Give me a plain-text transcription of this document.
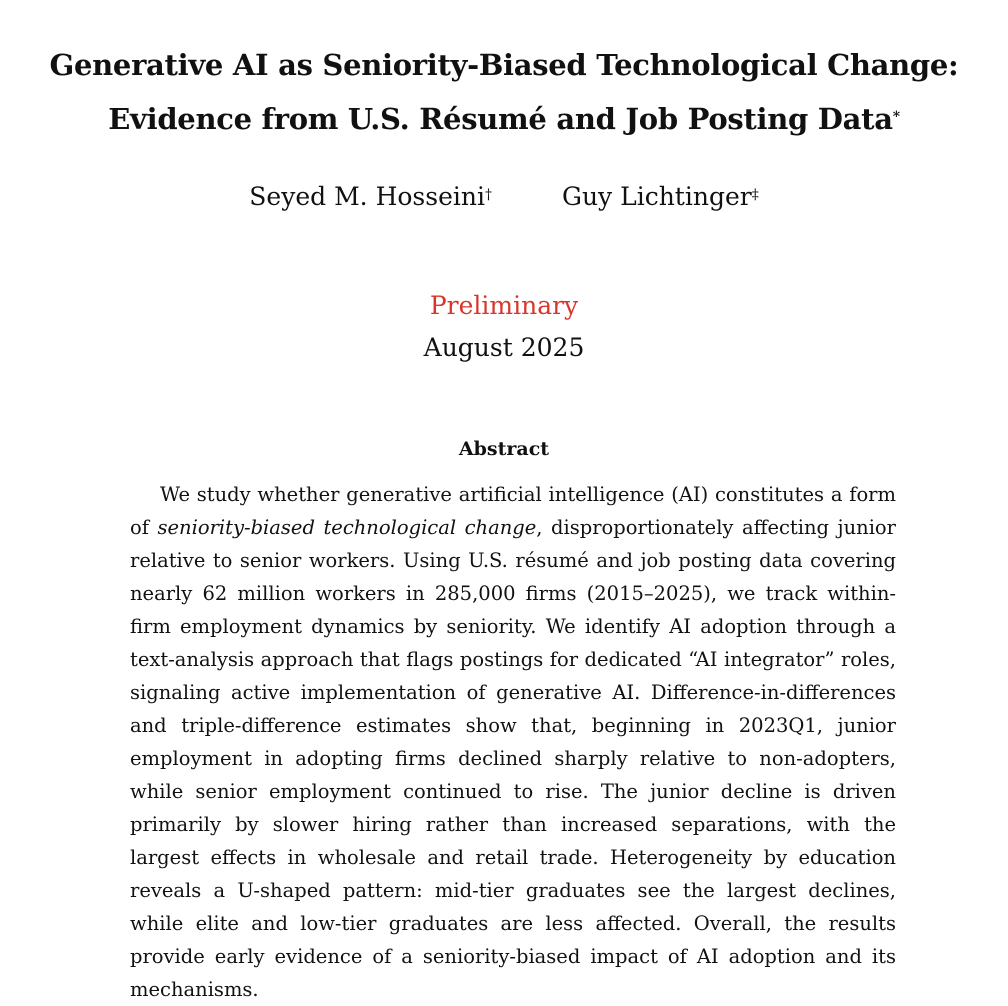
Generative AI as Seniority-Biased Technological Change:
Evidence from U.S. Résumé and Job Posting Data*
Seyed M. Hosseini†	Guy Lichtinger‡
Preliminary
August 2025
Abstract
We study whether generative artificial intelligence (AI) constitutes a form of seniority-biased technological change, disproportionately affecting junior relative to senior workers. Using U.S. résumé and job posting data covering nearly 62 million workers in 285,000 firms (2015–2025), we track within-firm employment dynamics by seniority. We identify AI adoption through a text-analysis approach that flags postings for dedicated “AI integrator” roles, signaling active implementation of generative AI. Difference-in-differences and triple-difference estimates show that, beginning in 2023Q1, junior employment in adopting firms declined sharply relative to non-adopters, while senior employment continued to rise. The junior decline is driven primarily by slower hiring rather than increased separations, with the largest effects in wholesale and retail trade. Heterogeneity by education reveals a U-shaped pattern: mid-tier graduates see the largest declines, while elite and low-tier graduates are less affected. Overall, the results provide early evidence of a seniority-biased impact of AI adoption and its mechanisms.
